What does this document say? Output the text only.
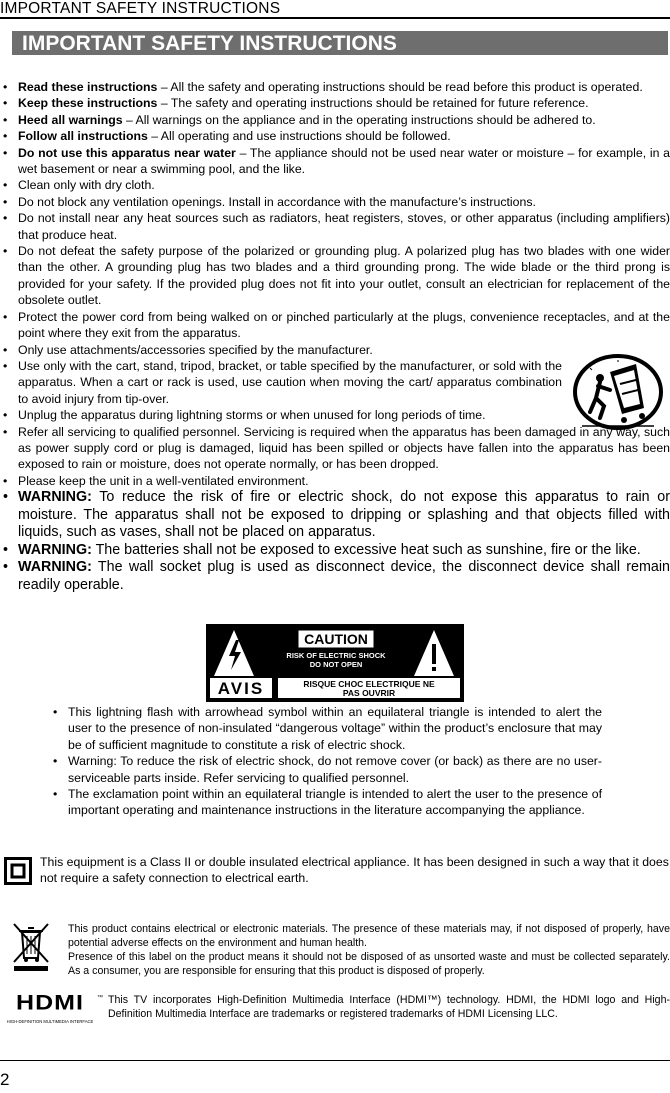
IMPORTANT SAFETY INSTRUCTIONS
IMPORTANT SAFETY INSTRUCTIONS
• Read these instructions – All the safety and operating instructions should be read before this product is operated.
• Keep these instructions – The safety and operating instructions should be retained for future reference.
• Heed all warnings – All warnings on the appliance and in the operating instructions should be adhered to.
• Follow all instructions – All operating and use instructions should be followed.
• Do not use this apparatus near water – The appliance should not be used near water or moisture – for example, in a wet basement or near a swimming pool, and the like.
• Clean only with dry cloth.
• Do not block any ventilation openings. Install in accordance with the manufacture’s instructions.
• Do not install near any heat sources such as radiators, heat registers, stoves, or other apparatus (including amplifiers) that produce heat.
• Do not defeat the safety purpose of the polarized or grounding plug. A polarized plug has two blades with one wider than the other. A grounding plug has two blades and a third grounding prong. The wide blade or the third prong is provided for your safety. If the provided plug does not fit into your outlet, consult an electrician for replacement of the obsolete outlet.
• Protect the power cord from being walked on or pinched particularly at the plugs, convenience receptacles, and at the point where they exit from the apparatus.
• Only use attachments/accessories specified by the manufacturer.
• Use only with the cart, stand, tripod, bracket, or table specified by the manufacturer, or sold with the apparatus. When a cart or rack is used, use caution when moving the cart/ apparatus combination to avoid injury from tip-over.
• Unplug the apparatus during lightning storms or when unused for long periods of time.
• Refer all servicing to qualified personnel. Servicing is required when the apparatus has been damaged in any way, such as power supply cord or plug is damaged, liquid has been spilled or objects have fallen into the apparatus has been exposed to rain or moisture, does not operate normally, or has been dropped.
• Please keep the unit in a well-ventilated environment.
• WARNING: To reduce the risk of fire or electric shock, do not expose this apparatus to rain or moisture. The apparatus shall not be exposed to dripping or splashing and that objects filled with liquids, such as vases, shall not be placed on apparatus.
• WARNING: The batteries shall not be exposed to excessive heat such as sunshine, fire or the like.
• WARNING: The wall socket plug is used as disconnect device, the disconnect device shall remain readily operable.
CAUTION
RISK OF ELECTRIC SHOCK
DO NOT OPEN
AVIS	RISQUE CHOC ELECTRIQUE NE
PAS OUVRIR
• This lightning flash with arrowhead symbol within an equilateral triangle is intended to alert the user to the presence of non-insulated “dangerous voltage” within the product’s enclosure that may be of sufficient magnitude to constitute a risk of electric shock.
• Warning: To reduce the risk of electric shock, do not remove cover (or back) as there are no user-serviceable parts inside. Refer servicing to qualified personnel.
• The exclamation point within an equilateral triangle is intended to alert the user to the presence of important operating and maintenance instructions in the literature accompanying the appliance.
This equipment is a Class II or double insulated electrical appliance. It has been designed in such a way that it does not require a safety connection to electrical earth.

This product contains electrical or electronic materials. The presence of these materials may, if not disposed of properly, have potential adverse effects on the environment and human health.

Presence of this label on the product means it should not be disposed of as unsorted waste and must be collected separately. As a consumer, you are responsible for ensuring that this product is disposed of properly.

HDMI ™
HIGH-DEFINITION MULTIMEDIA INTERFACE
This TV incorporates High-Definition Multimedia Interface (HDMI™) technology. HDMI, the HDMI logo and High-Definition Multimedia Interface are trademarks or registered trademarks of HDMI Licensing LLC.
2
